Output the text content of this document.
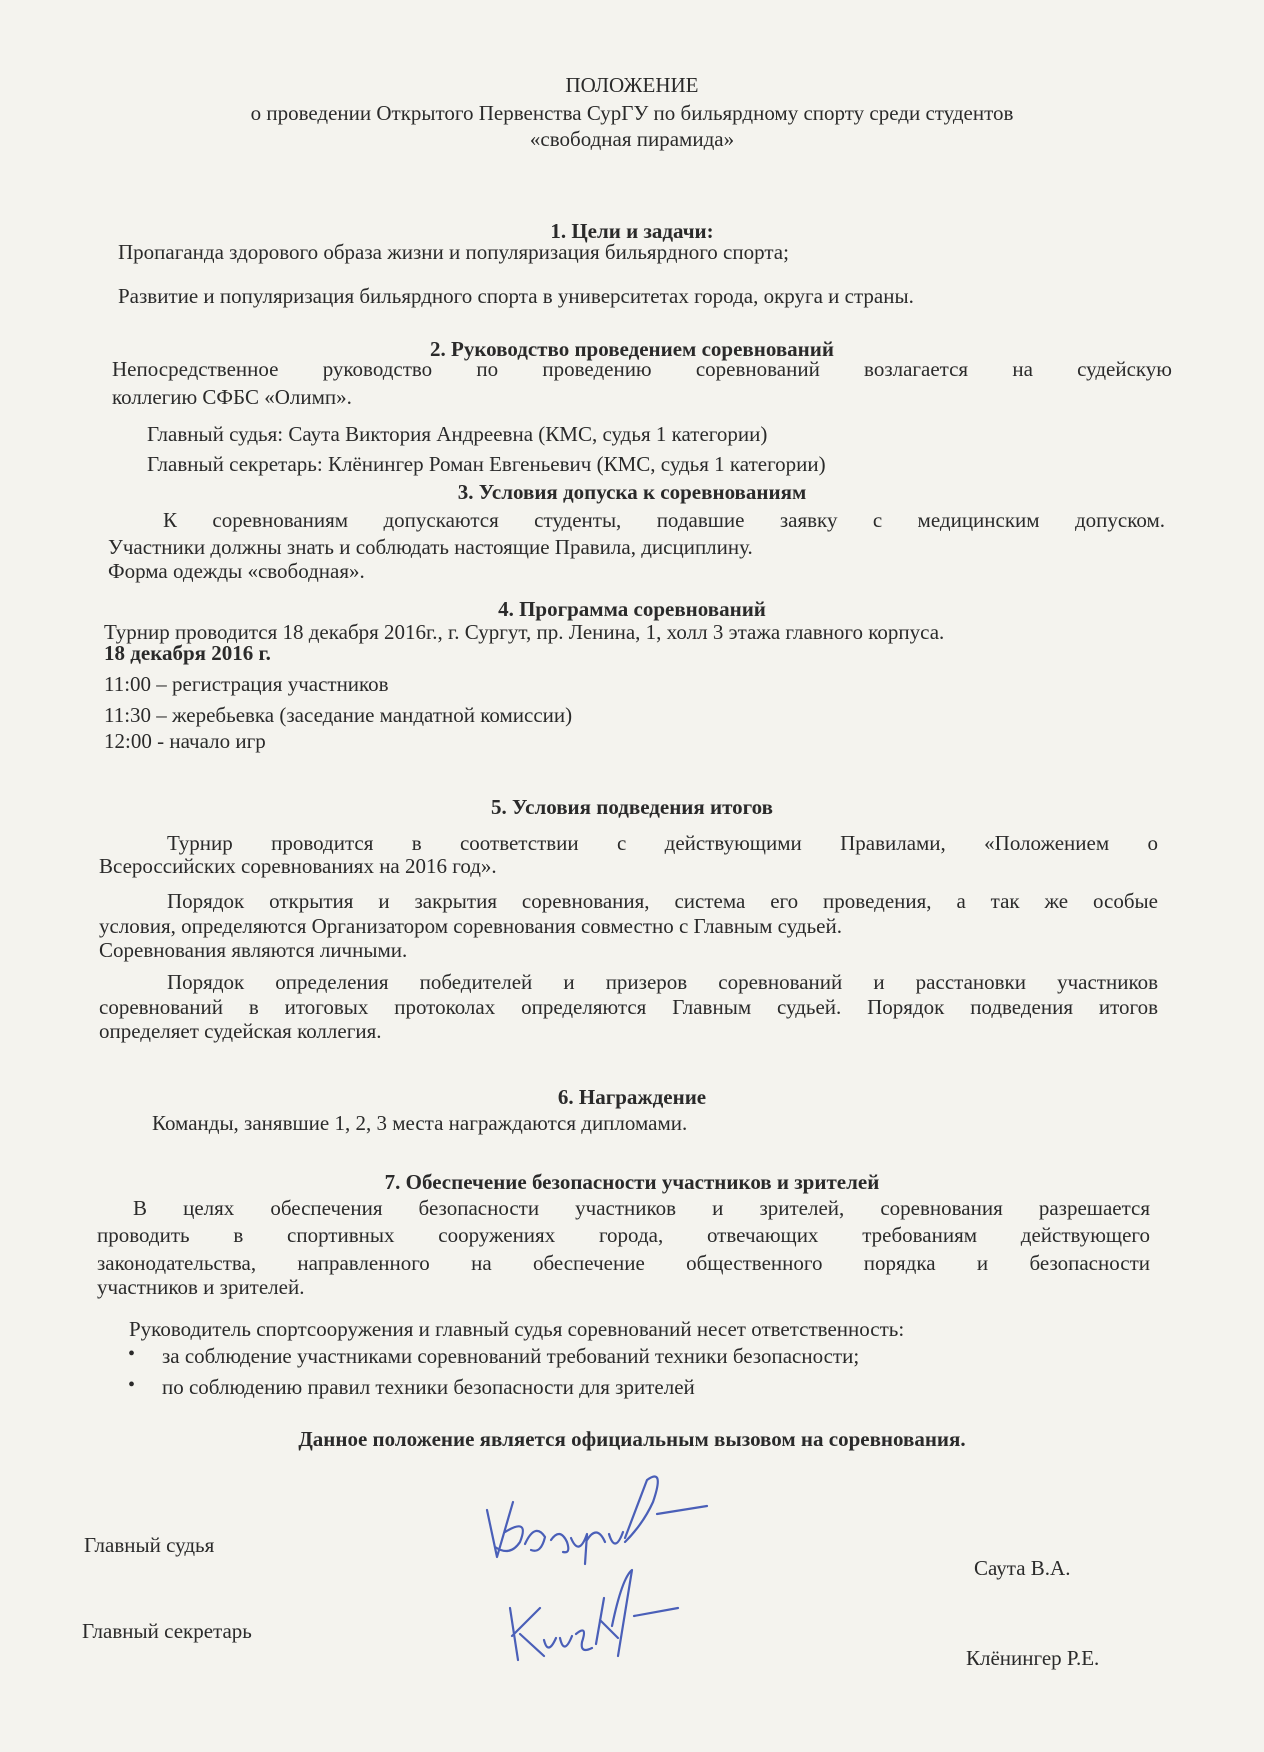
ПОЛОЖЕНИЕ
о проведении Открытого Первенства СурГУ по бильярдному спорту среди студентов
«свободная пирамида»
1. Цели и задачи:
Пропаганда здорового образа жизни и популяризация бильярдного спорта;
Развитие и популяризация бильярдного спорта в университетах города, округа и страны.
2. Руководство проведением соревнований
Непосредственное руководство по проведению соревнований возлагается на судейскую
коллегию СФБС «Олимп».
Главный судья: Саута Виктория Андреевна (КМС, судья 1 категории)
Главный секретарь: Клёнингер Роман Евгеньевич (КМС, судья 1 категории)
3. Условия допуска к соревнованиям
К соревнованиям допускаются студенты, подавшие заявку с медицинским допуском.
Участники должны знать и соблюдать настоящие Правила, дисциплину.
Форма одежды «свободная».
4. Программа соревнований
Турнир проводится 18 декабря 2016г., г. Сургут, пр. Ленина, 1, холл 3 этажа главного корпуса.
18 декабря 2016 г.
11:00 – регистрация участников
11:30 – жеребьевка (заседание мандатной комиссии)
12:00 - начало игр
5. Условия подведения итогов
Турнир проводится в соответствии с действующими Правилами, «Положением о
Всероссийских соревнованиях на 2016 год».
Порядок открытия и закрытия соревнования, система его проведения, а так же особые
условия, определяются Организатором соревнования совместно с Главным судьей.
Соревнования являются личными.
Порядок определения победителей и призеров соревнований и расстановки участников
соревнований в итоговых протоколах определяются Главным судьей. Порядок подведения итогов
определяет судейская коллегия.
6. Награждение
Команды, занявшие 1, 2, 3 места награждаются дипломами.
7. Обеспечение безопасности участников и зрителей
В целях обеспечения безопасности участников и зрителей, соревнования разрешается
проводить в спортивных сооружениях города, отвечающих требованиям действующего
законодательства, направленного на обеспечение общественного порядка и безопасности
участников и зрителей.
Руководитель спортсооружения и главный судья соревнований несет ответственность:
• за соблюдение участниками соревнований требований техники безопасности;
• по соблюдению правил техники безопасности для зрителей
Данное положение является официальным вызовом на соревнования.
Главный судья
Саута В.А.
Главный секретарь
Клёнингер Р.Е.
